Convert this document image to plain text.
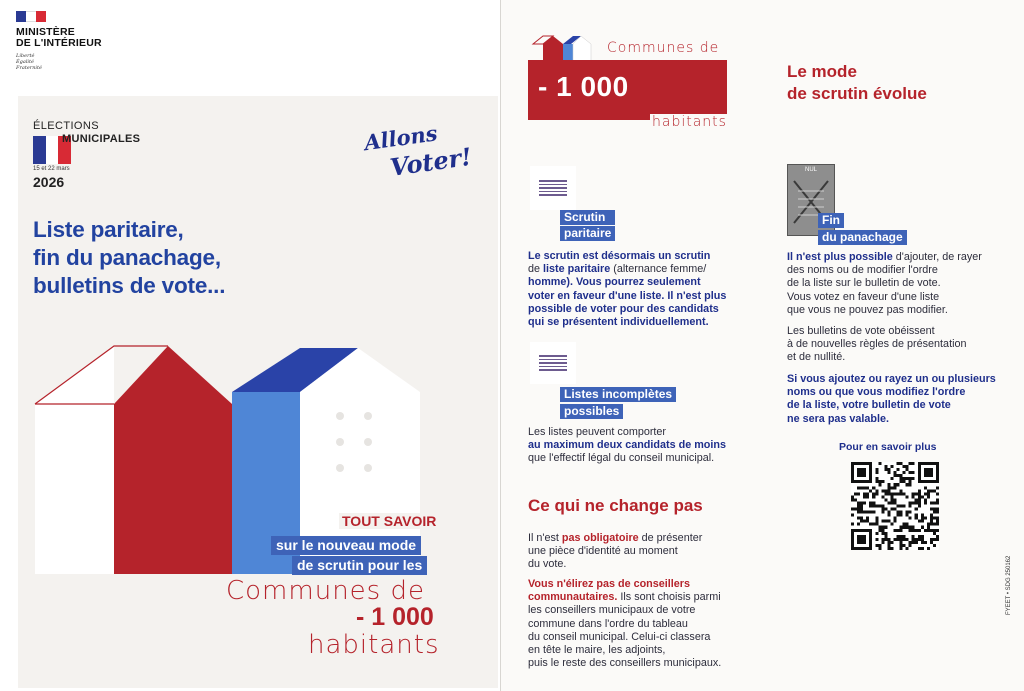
MINISTÈRE
DE L'INTÉRIEUR
Liberté
Égalité
Fraternité
ÉLECTIONS
MUNICIPALES
15 et 22 mars
2026
Allons
Voter!
Liste paritaire,
fin du panachage,
bulletins de vote...
TOUT SAVOIR
sur le nouveau mode
de scrutin pour les
Communes de
- 1 000
habitants
Communes de
- 1 000
habitants
Le mode
de scrutin évolue
Scrutin
paritaire
Le scrutin est désormais un scrutin
de liste paritaire (alternance femme/
homme). Vous pourrez seulement
voter en faveur d'une liste. Il n'est plus
possible de voter pour des candidats
qui se présentent individuellement.
Listes incomplètes
possibles
Les listes peuvent comporter
au maximum deux candidats de moins
que l'effectif légal du conseil municipal.
NUL
Fin
du panachage
Il n'est plus possible d'ajouter, de rayer
des noms ou de modifier l'ordre
de la liste sur le bulletin de vote.
Vous votez en faveur d'une liste
que vous ne pouvez pas modifier.
Les bulletins de vote obéissent
à de nouvelles règles de présentation
et de nullité.
Si vous ajoutez ou rayez un ou plusieurs
noms ou que vous modifiez l'ordre
de la liste, votre bulletin de vote
ne sera pas valable.
Pour en savoir plus
Ce qui ne change pas
Il n'est pas obligatoire de présenter
une pièce d'identité au moment
du vote.
Vous n'élirez pas de conseillers
communautaires. Ils sont choisis parmi
les conseillers municipaux de votre
commune dans l'ordre du tableau
du conseil municipal. Celui-ci classera
en tête le maire, les adjoints,
puis le reste des conseillers municipaux.
FYEET • SDG 250162
